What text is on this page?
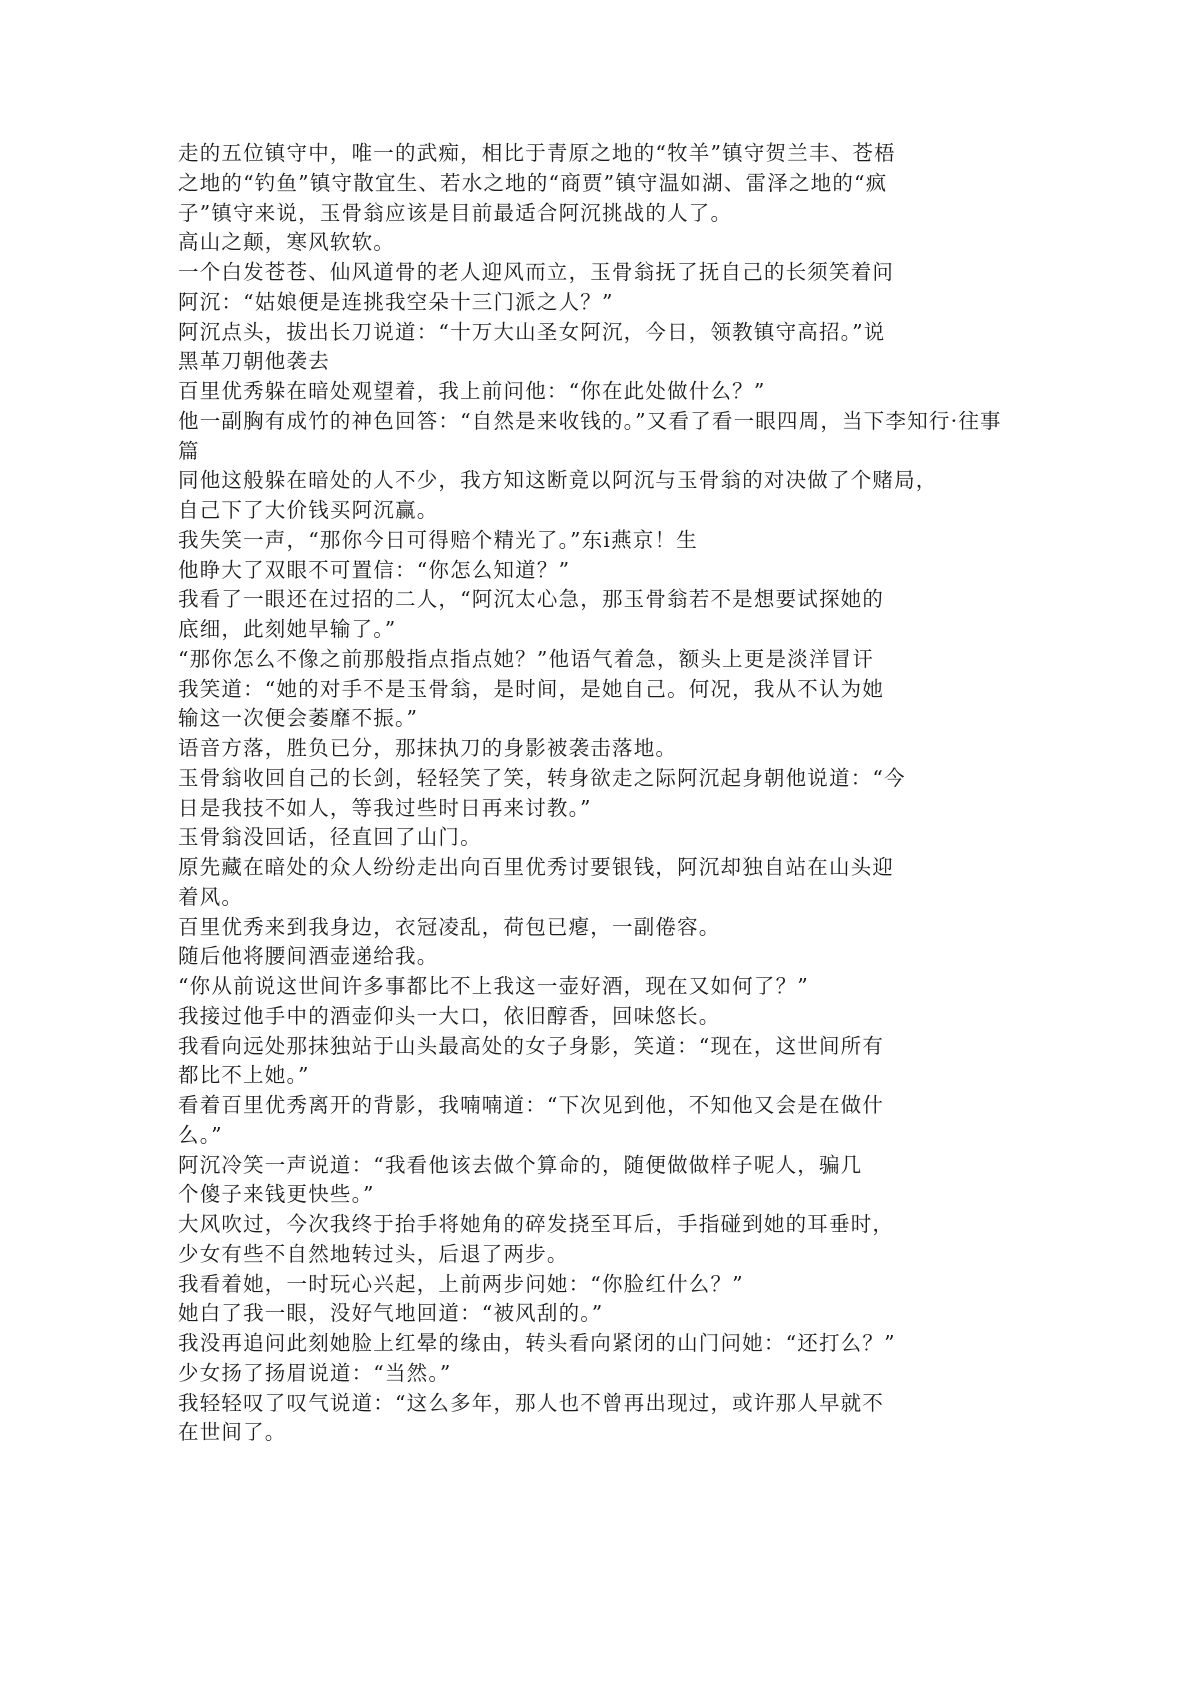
走的五位镇守中，唯一的武痴，相比于青原之地的“牧羊”镇守贺兰丰、苍梧

之地的“钓鱼”镇守散宜生、若水之地的“商贾”镇守温如湖、雷泽之地的“疯

子”镇守来说，玉骨翁应该是目前最适合阿沉挑战的人了。

高山之颠，寒风软软。

一个白发苍苍、仙风道骨的老人迎风而立，玉骨翁抚了抚自己的长须笑着问

阿沉：“姑娘便是连挑我空朵十三门派之人？”

阿沉点头，拔出长刀说道：“十万大山圣女阿沉，今日，领教镇守高招。”说

黑革刀朝他袭去

百里优秀躲在暗处观望着，我上前问他：“你在此处做什么？”

他一副胸有成竹的神色回答：“自然是来收钱的。”又看了看一眼四周，当下李知行·往事

篇

同他这般躲在暗处的人不少，我方知这断竟以阿沉与玉骨翁的对决做了个赌局，

自己下了大价钱买阿沉赢。

我失笑一声，“那你今日可得赔个精光了。”东i燕京！生

他睁大了双眼不可置信：“你怎么知道？”

我看了一眼还在过招的二人，“阿沉太心急，那玉骨翁若不是想要试探她的

底细，此刻她早输了。”

“那你怎么不像之前那般指点指点她？”他语气着急，额头上更是淡洋冒讦

我笑道：“她的对手不是玉骨翁，是时间，是她自己。何况，我从不认为她

输这一次便会萎靡不振。”

语音方落，胜负已分，那抹执刀的身影被袭击落地。

玉骨翁收回自己的长剑，轻轻笑了笑，转身欲走之际阿沉起身朝他说道：“今

日是我技不如人，等我过些时日再来讨教。”

玉骨翁没回话，径直回了山门。

原先藏在暗处的众人纷纷走出向百里优秀讨要银钱，阿沉却独自站在山头迎

着风。

百里优秀来到我身边，衣冠凌乱，荷包已瘪，一副倦容。

随后他将腰间酒壶递给我。

“你从前说这世间许多事都比不上我这一壶好酒，现在又如何了？”

我接过他手中的酒壶仰头一大口，依旧醇香，回味悠长。

我看向远处那抹独站于山头最高处的女子身影，笑道：“现在，这世间所有

都比不上她。”

看着百里优秀离开的背影，我喃喃道：“下次见到他，不知他又会是在做什

么。”

阿沉冷笑一声说道：“我看他该去做个算命的，随便做做样子呢人，骗几

个傻子来钱更快些。”

大风吹过，今次我终于抬手将她角的碎发挠至耳后，手指碰到她的耳垂时，

少女有些不自然地转过头，后退了两步。

我看着她，一时玩心兴起，上前两步问她：“你脸红什么？”

她白了我一眼，没好气地回道：“被风刮的。”

我没再追问此刻她脸上红晕的缘由，转头看向紧闭的山门问她：“还打么？”

少女扬了扬眉说道：“当然。”

我轻轻叹了叹气说道：“这么多年，那人也不曾再出现过，或许那人早就不

在世间了。
